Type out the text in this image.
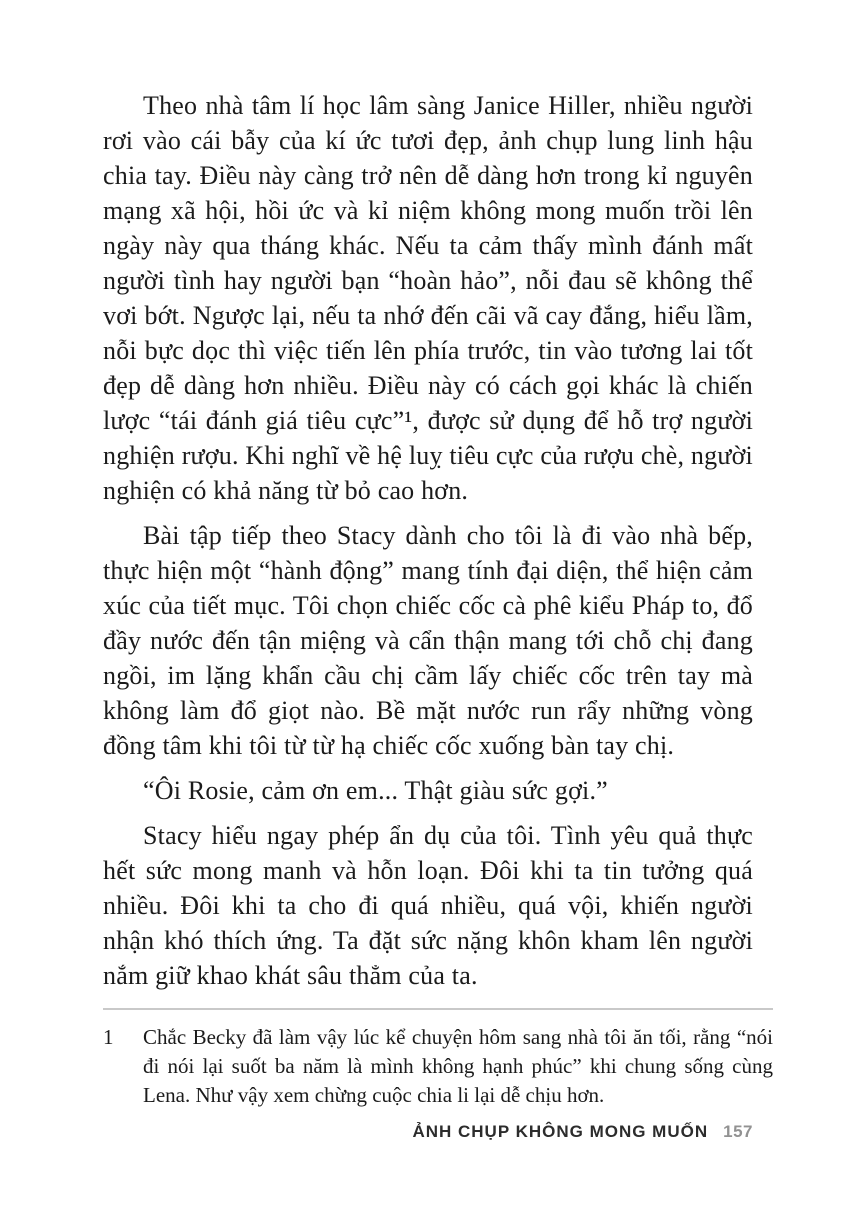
Theo nhà tâm lí học lâm sàng Janice Hiller, nhiều người rơi vào cái bẫy của kí ức tươi đẹp, ảnh chụp lung linh hậu chia tay. Điều này càng trở nên dễ dàng hơn trong kỉ nguyên mạng xã hội, hồi ức và kỉ niệm không mong muốn trồi lên ngày này qua tháng khác. Nếu ta cảm thấy mình đánh mất người tình hay người bạn “hoàn hảo”, nỗi đau sẽ không thể vơi bớt. Ngược lại, nếu ta nhớ đến cãi vã cay đắng, hiểu lầm, nỗi bực dọc thì việc tiến lên phía trước, tin vào tương lai tốt đẹp dễ dàng hơn nhiều. Điều này có cách gọi khác là chiến lược “tái đánh giá tiêu cực”¹, được sử dụng để hỗ trợ người nghiện rượu. Khi nghĩ về hệ luỵ tiêu cực của rượu chè, người nghiện có khả năng từ bỏ cao hơn.

Bài tập tiếp theo Stacy dành cho tôi là đi vào nhà bếp, thực hiện một “hành động” mang tính đại diện, thể hiện cảm xúc của tiết mục. Tôi chọn chiếc cốc cà phê kiểu Pháp to, đổ đầy nước đến tận miệng và cẩn thận mang tới chỗ chị đang ngồi, im lặng khẩn cầu chị cầm lấy chiếc cốc trên tay mà không làm đổ giọt nào. Bề mặt nước run rẩy những vòng đồng tâm khi tôi từ từ hạ chiếc cốc xuống bàn tay chị.

“Ôi Rosie, cảm ơn em... Thật giàu sức gợi.”

Stacy hiểu ngay phép ẩn dụ của tôi. Tình yêu quả thực hết sức mong manh và hỗn loạn. Đôi khi ta tin tưởng quá nhiều. Đôi khi ta cho đi quá nhiều, quá vội, khiến người nhận khó thích ứng. Ta đặt sức nặng khôn kham lên người nắm giữ khao khát sâu thẳm của ta.

1	Chắc Becky đã làm vậy lúc kể chuyện hôm sang nhà tôi ăn tối, rằng “nói đi nói lại suốt ba năm là mình không hạnh phúc” khi chung sống cùng Lena. Như vậy xem chừng cuộc chia li lại dễ chịu hơn.
ẢNH CHỤP KHÔNG MONG MUỐN 157
